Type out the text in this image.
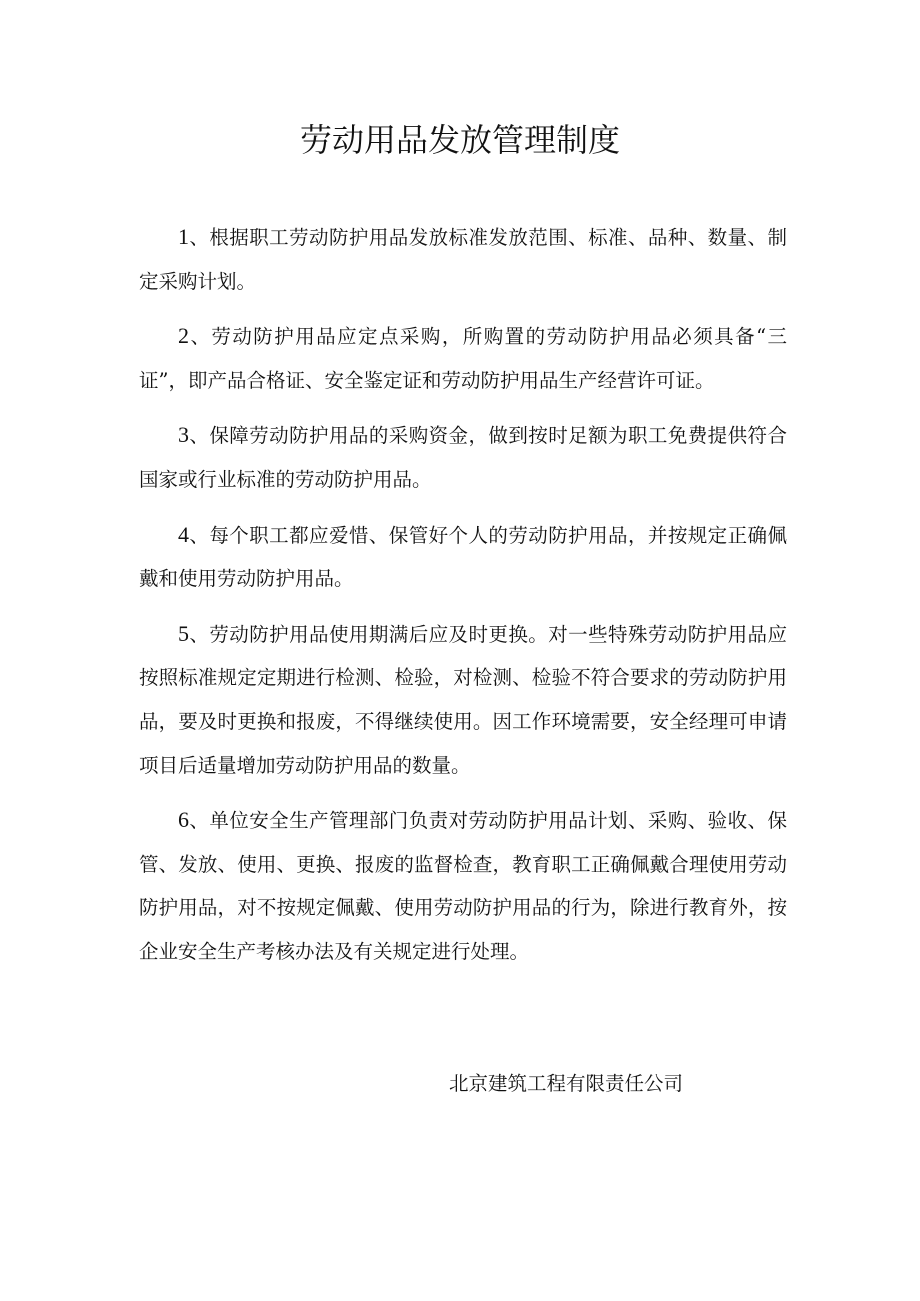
劳动用品发放管理制度

1、根据职工劳动防护用品发放标准发放范围、标准、品种、数量、制定采购计划。

2、劳动防护用品应定点采购，所购置的劳动防护用品必须具备“三证”，即产品合格证、安全鉴定证和劳动防护用品生产经营许可证。

3、保障劳动防护用品的采购资金，做到按时足额为职工免费提供符合国家或行业标准的劳动防护用品。

4、每个职工都应爱惜、保管好个人的劳动防护用品，并按规定正确佩戴和使用劳动防护用品。

5、劳动防护用品使用期满后应及时更换。对一些特殊劳动防护用品应按照标准规定定期进行检测、检验，对检测、检验不符合要求的劳动防护用品，要及时更换和报废，不得继续使用。因工作环境需要，安全经理可申请项目后适量增加劳动防护用品的数量。

6、单位安全生产管理部门负责对劳动防护用品计划、采购、验收、保管、发放、使用、更换、报废的监督检查，教育职工正确佩戴合理使用劳动防护用品，对不按规定佩戴、使用劳动防护用品的行为，除进行教育外，按企业安全生产考核办法及有关规定进行处理。

北京建筑工程有限责任公司
